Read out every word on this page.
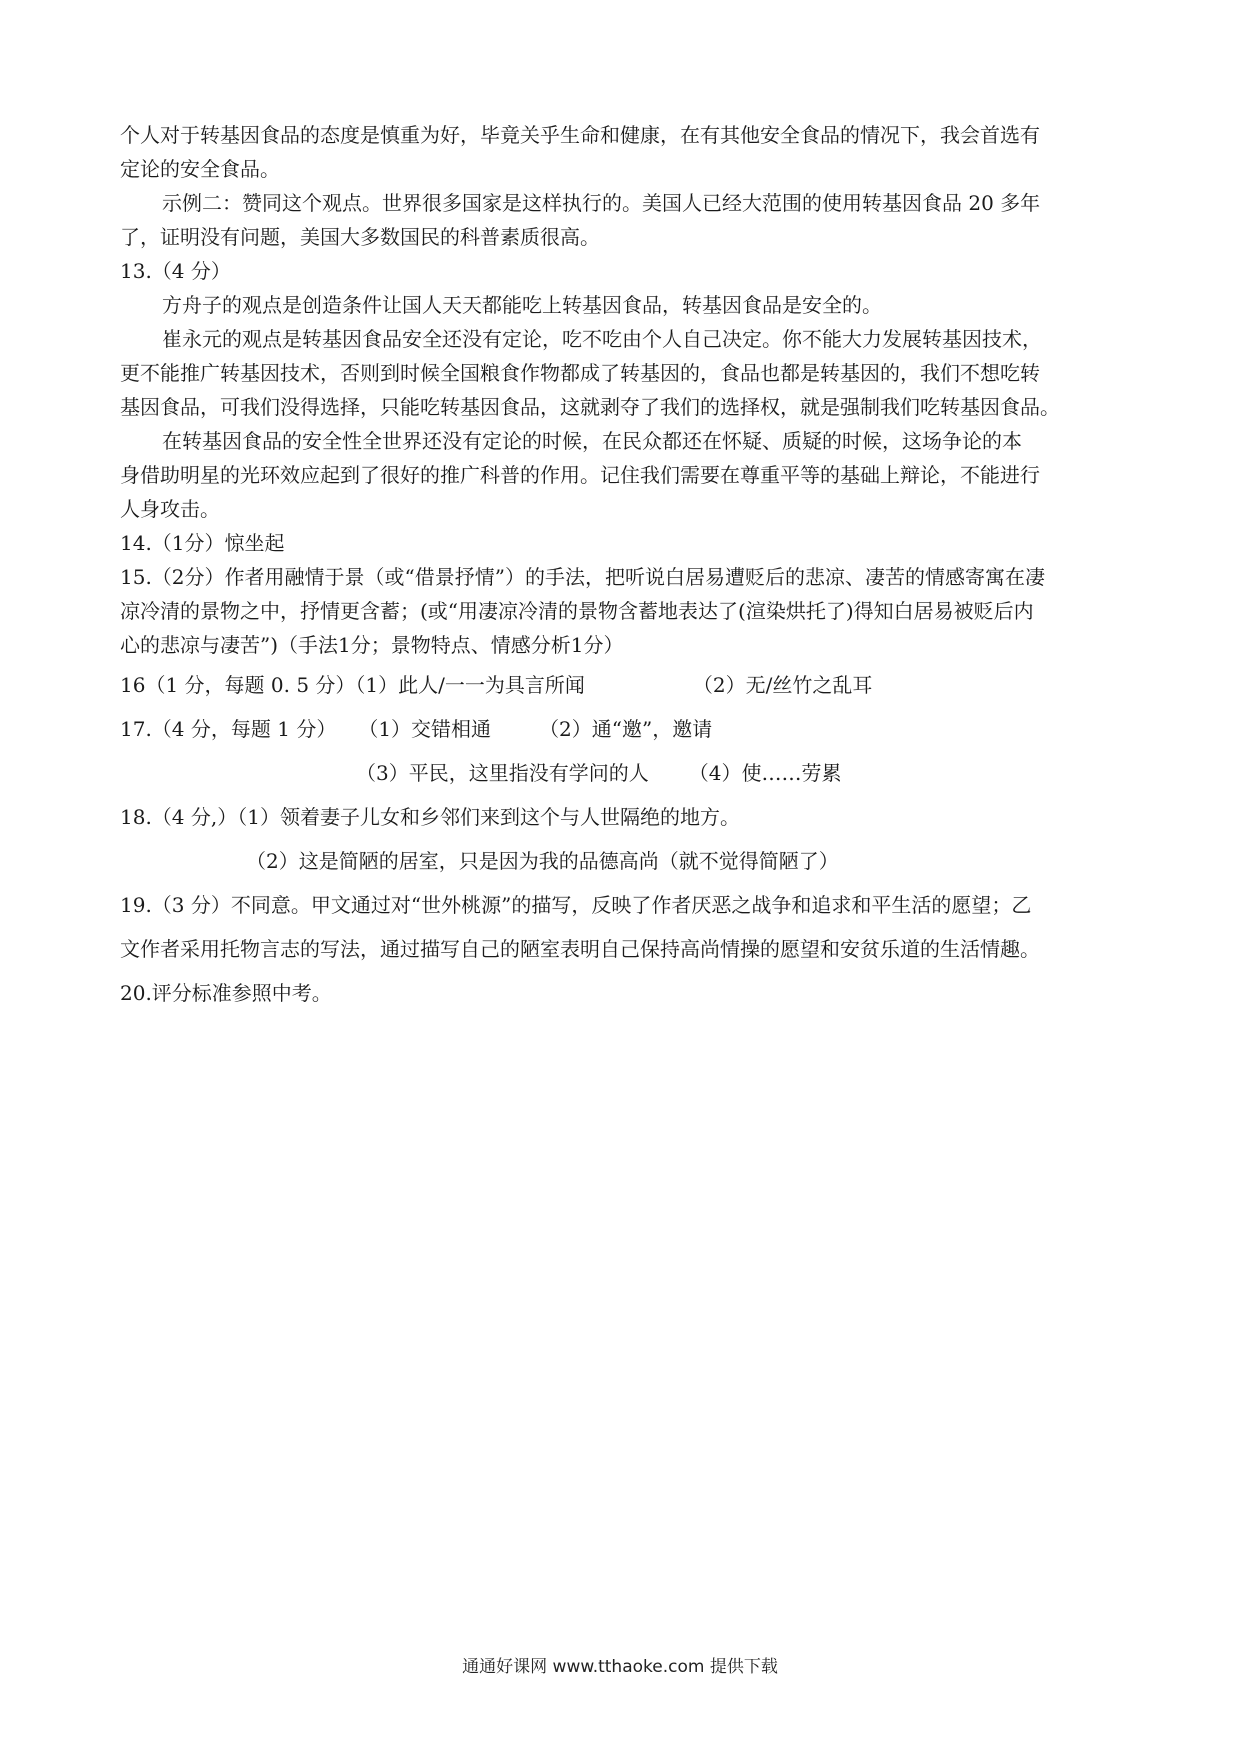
个人对于转基因食品的态度是慎重为好，毕竟关乎生命和健康，在有其他安全食品的情况下，我会首选有

定论的安全食品。

示例二：赞同这个观点。世界很多国家是这样执行的。美国人已经大范围的使用转基因食品 20 多年

了，证明没有问题，美国大多数国民的科普素质很高。

13.（4 分）

方舟子的观点是创造条件让国人天天都能吃上转基因食品，转基因食品是安全的。

崔永元的观点是转基因食品安全还没有定论，吃不吃由个人自己决定。你不能大力发展转基因技术，

更不能推广转基因技术，否则到时候全国粮食作物都成了转基因的，食品也都是转基因的，我们不想吃转

基因食品，可我们没得选择，只能吃转基因食品，这就剥夺了我们的选择权，就是强制我们吃转基因食品。

在转基因食品的安全性全世界还没有定论的时候，在民众都还在怀疑、质疑的时候，这场争论的本

身借助明星的光环效应起到了很好的推广科普的作用。记住我们需要在尊重平等的基础上辩论，不能进行

人身攻击。

14.（1分）惊坐起

15.（2分）作者用融情于景（或“借景抒情”）的手法，把听说白居易遭贬后的悲凉、凄苦的情感寄寓在凄

凉冷清的景物之中，抒情更含蓄；(或“用凄凉冷清的景物含蓄地表达了(渲染烘托了)得知白居易被贬后内

心的悲凉与凄苦”)（手法1分；景物特点、情感分析1分）

16（1 分，每题 0. 5 分）（1）此人/一一为具言所闻	（2）无/丝竹之乱耳

17.（4 分，每题 1 分） （1）交错相通 （2）通“邀”，邀请

（3）平民，这里指没有学问的人 （4）使……劳累

18.（4 分,）（1）领着妻子儿女和乡邻们来到这个与人世隔绝的地方。

（2）这是简陋的居室，只是因为我的品德高尚（就不觉得简陋了）

19.（3 分）不同意。甲文通过对“世外桃源”的描写，反映了作者厌恶之战争和追求和平生活的愿望；乙

文作者采用托物言志的写法，通过描写自己的陋室表明自己保持高尚情操的愿望和安贫乐道的生活情趣。

20.评分标准参照中考。

通通好课网 www.tthaoke.com 提供下载
